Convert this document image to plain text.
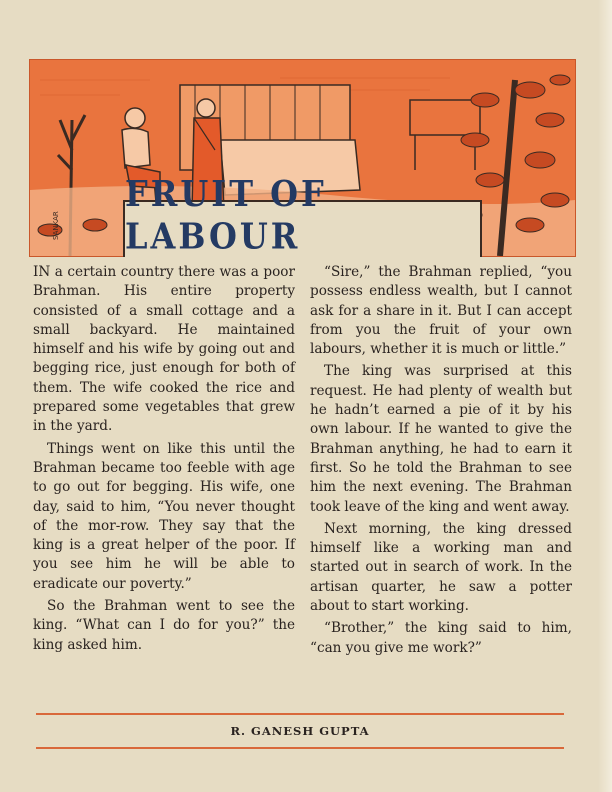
SANKAR
FRUIT OF LABOUR

IN a certain country there was a poor Brahman. His entire property consisted of a small cottage and a small backyard. He maintained himself and his wife by going out and begging rice, just enough for both of them. The wife cooked the rice and prepared some vegetables that grew in the yard.

Things went on like this until the Brahman became too feeble with age to go out for begging. His wife, one day, said to him, “You never thought of the mor-row. They say that the king is a great helper of the poor. If you see him he will be able to eradicate our poverty.”

So the Brahman went to see the king. “What can I do for you?” the king asked him.

“Sire,” the Brahman replied, “you possess endless wealth, but I cannot ask for a share in it. But I can accept from you the fruit of your own labours, whether it is much or little.”

The king was surprised at this request. He had plenty of wealth but he hadn’t earned a pie of it by his own labour. If he wanted to give the Brahman anything, he had to earn it first. So he told the Brahman to see him the next evening. The Brahman took leave of the king and went away.

Next morning, the king dressed himself like a working man and started out in search of work. In the artisan quarter, he saw a potter about to start working.

“Brother,” the king said to him, “can you give me work?”

R. GANESH GUPTA
